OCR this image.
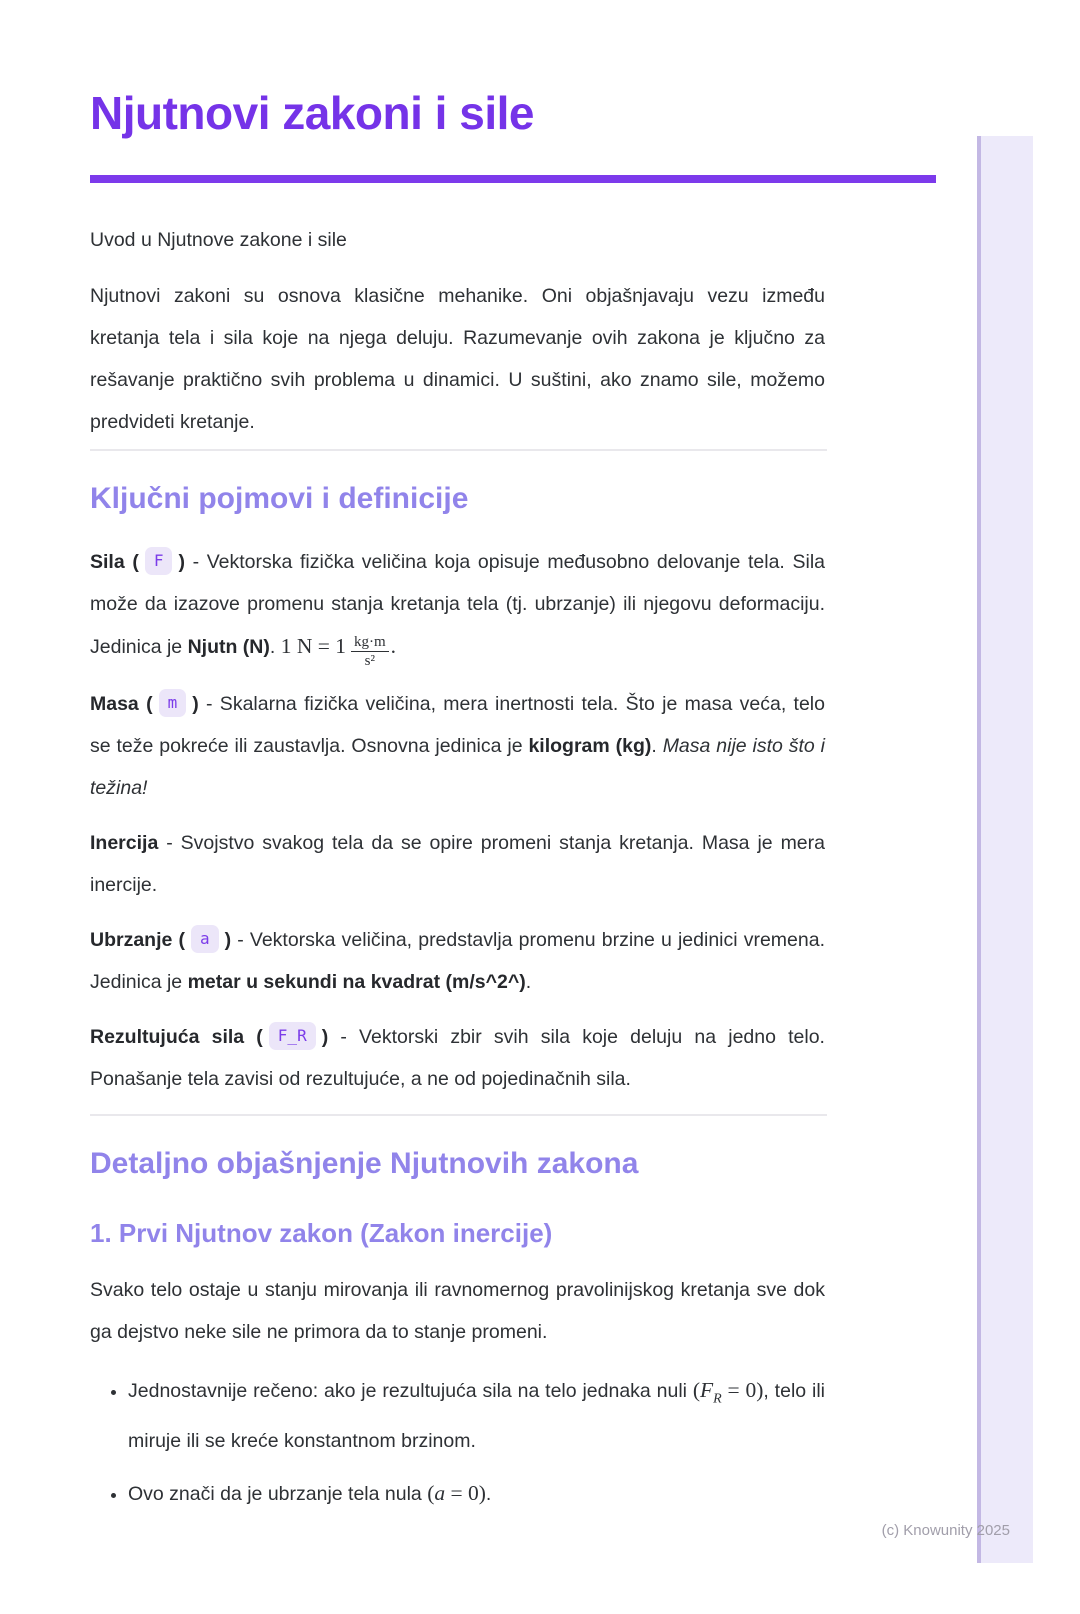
Njutnovi zakoni i sile

Uvod u Njutnove zakone i sile

Njutnovi zakoni su osnova klasične mehanike. Oni objašnjavaju vezu između kretanja tela i sila koje na njega deluju. Razumevanje ovih zakona je ključno za rešavanje praktično svih problema u dinamici. U suštini, ako znamo sile, možemo predvideti kretanje.

Ključni pojmovi i definicije

Sila ( F ) - Vektorska fizička veličina koja opisuje međusobno delovanje tela. Sila može da izazove promenu stanja kretanja tela (tj. ubrzanje) ili njegovu deformaciju. Jedinica je Njutn (N). 1 $N = 1 \frac{kg\cdot m}{\text{s²}}$ .

Masa ( m ) - Skalarna fizička veličina, mera inertnosti tela. Što je masa veća, telo se teže pokreće ili zaustavlja. Osnovna jedinica je kilogram (kg). Masa nije isto što i težina!

Inercija - Svojstvo svakog tela da se opire promeni stanja kretanja. Masa je mera inercije.

Ubrzanje ( a ) - Vektorska veličina, predstavlja promenu brzine u jedinici vremena. Jedinica je metar u sekundi na kvadrat (m/s^2^).

Rezultujuća sila ( F_R ) - Vektorski zbir svih sila koje deluju na jedno telo. Ponašanje tela zavisi od rezultujuće, a ne od pojedinačnih sila.

Detaljno objašnjenje Njutnovih zakona
1. Prvi Njutnov zakon (Zakon inercije)

Svako telo ostaje u stanju mirovanja ili ravnomernog pravolinijskog kretanja sve dok ga dejstvo neke sile ne primora da to stanje promeni.

• Jednostavnije rečeno: ako je rezultujuća sila na telo jednaka nuli $(F_R = 0)$, telo ili miruje ili se kreće konstantnom brzinom.
• Ovo znači da je ubrzanje tela nula (a = 0).
(c) Knowunity 2025
